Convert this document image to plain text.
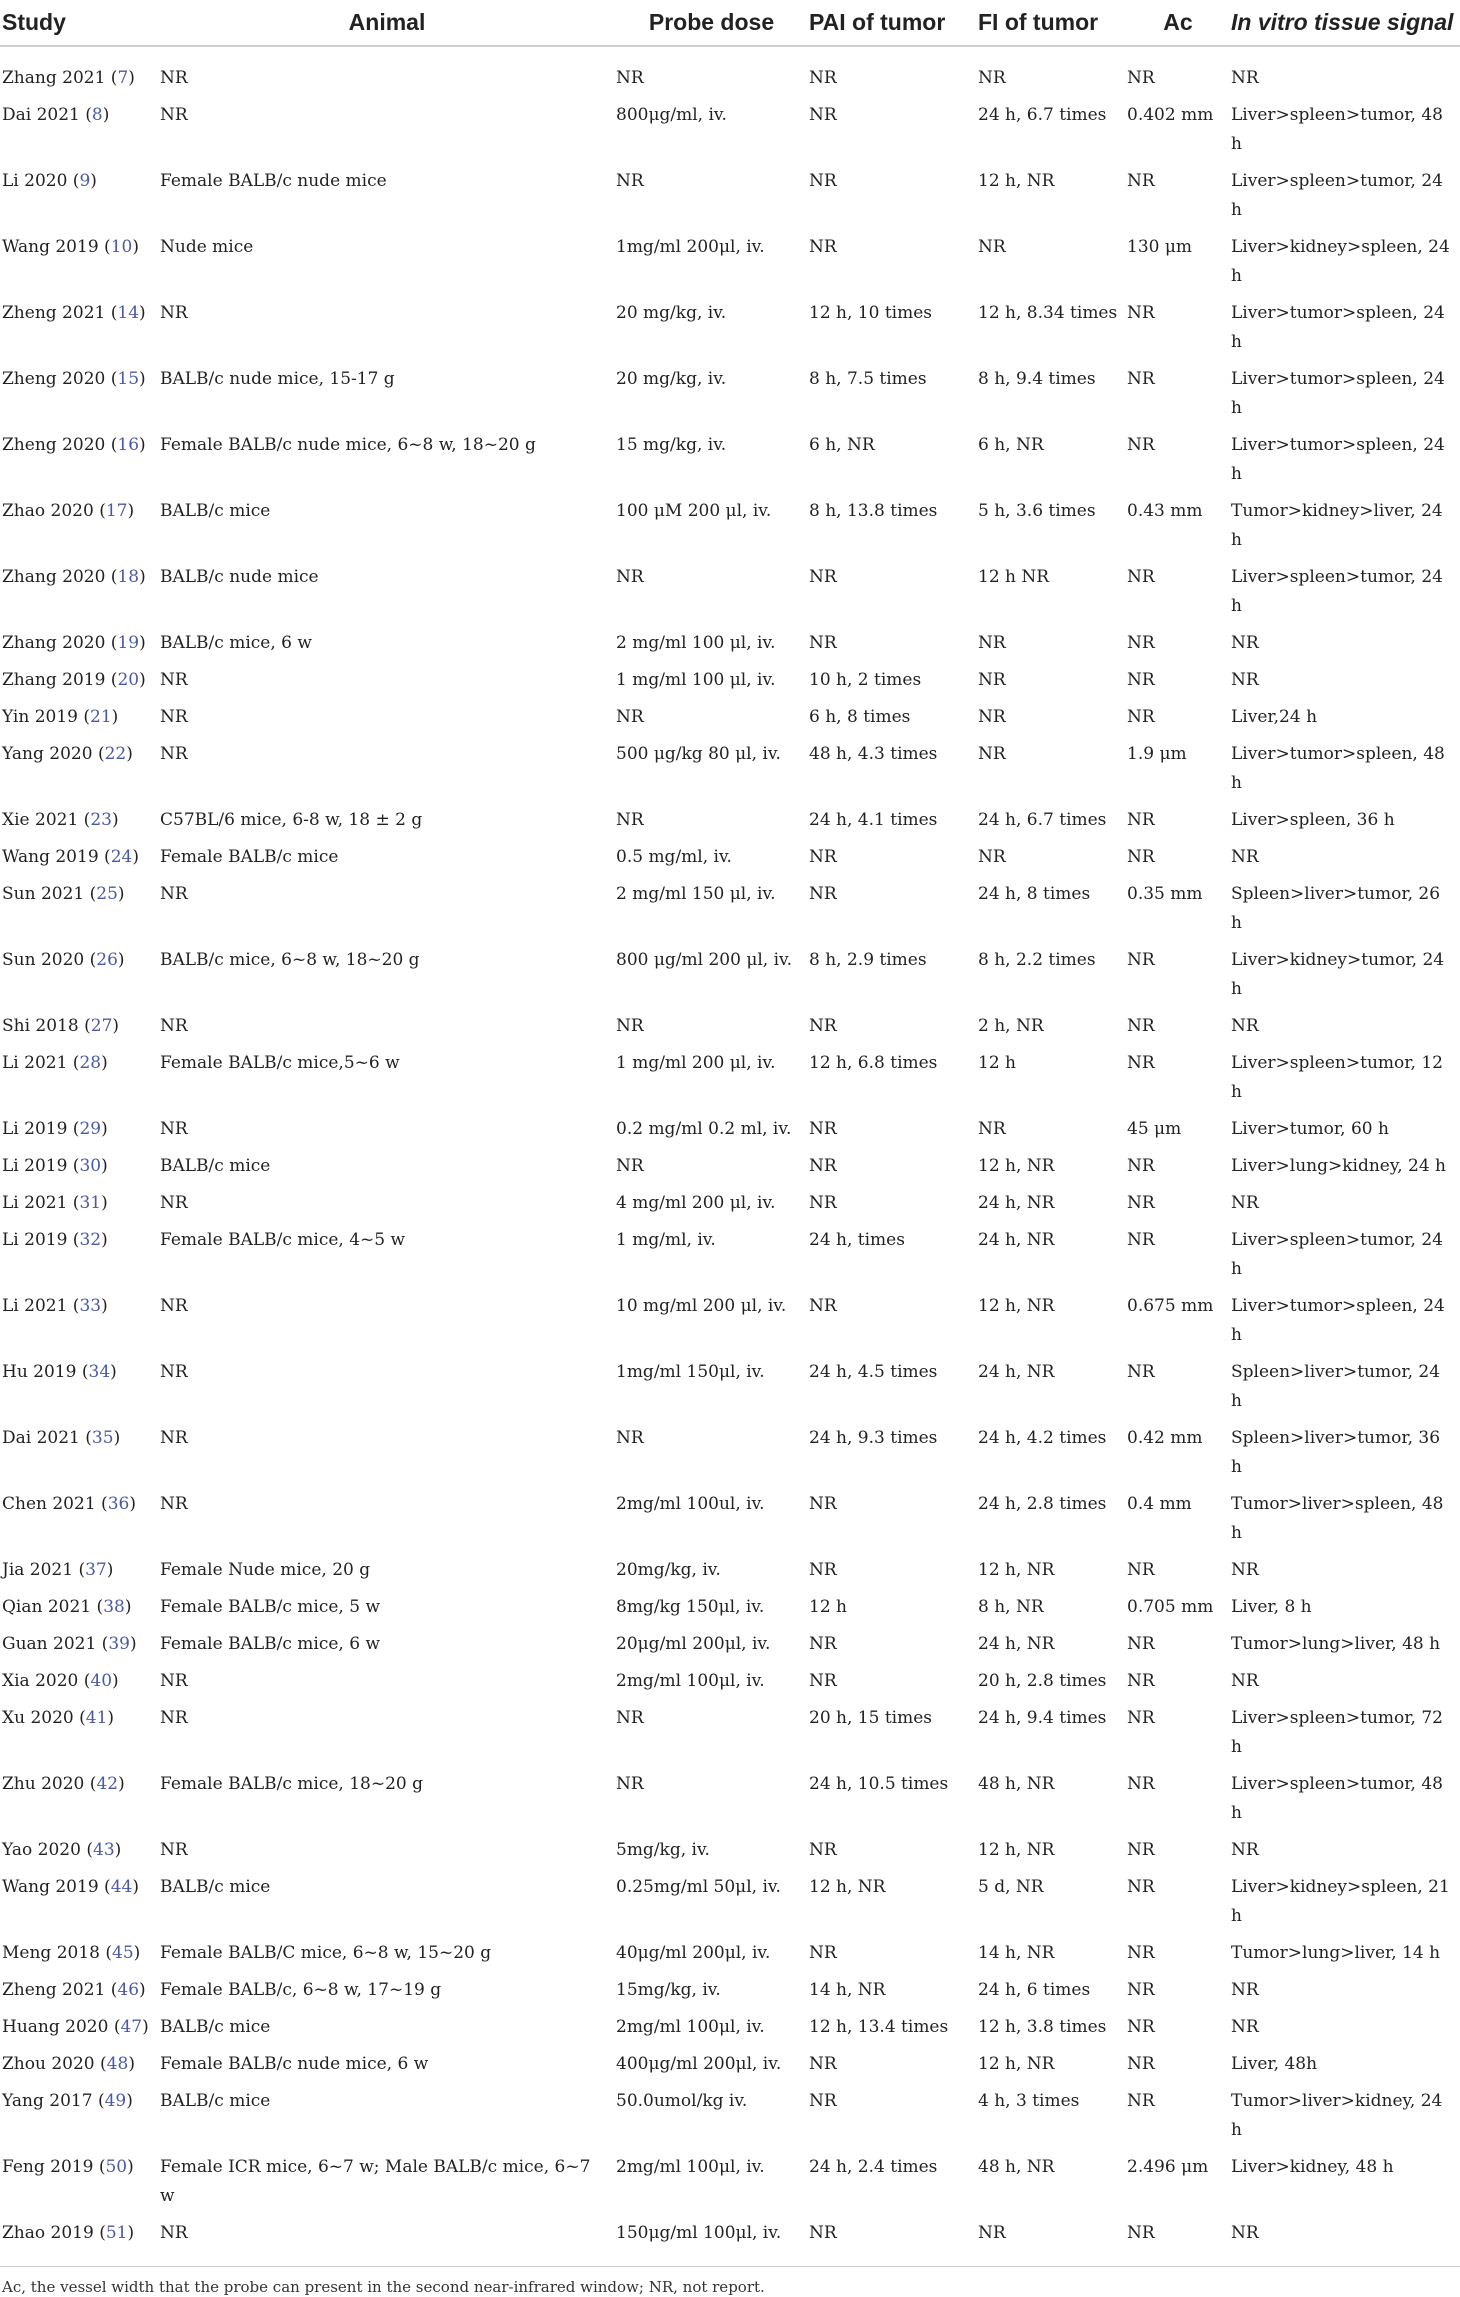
Study	Animal	Probe dose	PAI of tumor	FI of tumor	Ac	In vitro tissue signal
Zhang 2021 (7)	NR	NR	NR	NR	NR	NR
Dai 2021 (8)	NR	800μg/ml, iv.	NR	24 h, 6.7 times	0.402 mm	Liver>spleen>tumor, 48 h
Li 2020 (9)	Female BALB/c nude mice	NR	NR	12 h, NR	NR	Liver>spleen>tumor, 24 h
Wang 2019 (10)	Nude mice	1mg/ml 200μl, iv.	NR	NR	130 μm	Liver>kidney>spleen, 24 h
Zheng 2021 (14)	NR	20 mg/kg, iv.	12 h, 10 times	12 h, 8.34 times	NR	Liver>tumor>spleen, 24 h
Zheng 2020 (15)	BALB/c nude mice, 15-17 g	20 mg/kg, iv.	8 h, 7.5 times	8 h, 9.4 times	NR	Liver>tumor>spleen, 24 h
Zheng 2020 (16)	Female BALB/c nude mice, 6~8 w, 18~20 g	15 mg/kg, iv.	6 h, NR	6 h, NR	NR	Liver>tumor>spleen, 24 h
Zhao 2020 (17)	BALB/c mice	100 μM 200 μl, iv.	8 h, 13.8 times	5 h, 3.6 times	0.43 mm	Tumor>kidney>liver, 24 h
Zhang 2020 (18)	BALB/c nude mice	NR	NR	12 h NR	NR	Liver>spleen>tumor, 24 h
Zhang 2020 (19)	BALB/c mice, 6 w	2 mg/ml 100 μl, iv.	NR	NR	NR	NR
Zhang 2019 (20)	NR	1 mg/ml 100 μl, iv.	10 h, 2 times	NR	NR	NR
Yin 2019 (21)	NR	NR	6 h, 8 times	NR	NR	Liver,24 h
Yang 2020 (22)	NR	500 μg/kg 80 μl, iv.	48 h, 4.3 times	NR	1.9 μm	Liver>tumor>spleen, 48 h
Xie 2021 (23)	C57BL/6 mice, 6-8 w, 18 ± 2 g	NR	24 h, 4.1 times	24 h, 6.7 times	NR	Liver>spleen, 36 h
Wang 2019 (24)	Female BALB/c mice	0.5 mg/ml, iv.	NR	NR	NR	NR
Sun 2021 (25)	NR	2 mg/ml 150 μl, iv.	NR	24 h, 8 times	0.35 mm	Spleen>liver>tumor, 26 h
Sun 2020 (26)	BALB/c mice, 6~8 w, 18~20 g	800 μg/ml 200 μl, iv.	8 h, 2.9 times	8 h, 2.2 times	NR	Liver>kidney>tumor, 24 h
Shi 2018 (27)	NR	NR	NR	2 h, NR	NR	NR
Li 2021 (28)	Female BALB/c mice,5~6 w	1 mg/ml 200 μl, iv.	12 h, 6.8 times	12 h	NR	Liver>spleen>tumor, 12 h
Li 2019 (29)	NR	0.2 mg/ml 0.2 ml, iv.	NR	NR	45 μm	Liver>tumor, 60 h
Li 2019 (30)	BALB/c mice	NR	NR	12 h, NR	NR	Liver>lung>kidney, 24 h
Li 2021 (31)	NR	4 mg/ml 200 μl, iv.	NR	24 h, NR	NR	NR
Li 2019 (32)	Female BALB/c mice, 4~5 w	1 mg/ml, iv.	24 h, times	24 h, NR	NR	Liver>spleen>tumor, 24 h
Li 2021 (33)	NR	10 mg/ml 200 μl, iv.	NR	12 h, NR	0.675 mm	Liver>tumor>spleen, 24 h
Hu 2019 (34)	NR	1mg/ml 150μl, iv.	24 h, 4.5 times	24 h, NR	NR	Spleen>liver>tumor, 24 h
Dai 2021 (35)	NR	NR	24 h, 9.3 times	24 h, 4.2 times	0.42 mm	Spleen>liver>tumor, 36 h
Chen 2021 (36)	NR	2mg/ml 100ul, iv.	NR	24 h, 2.8 times	0.4 mm	Tumor>liver>spleen, 48 h
Jia 2021 (37)	Female Nude mice, 20 g	20mg/kg, iv.	NR	12 h, NR	NR	NR
Qian 2021 (38)	Female BALB/c mice, 5 w	8mg/kg 150μl, iv.	12 h	8 h, NR	0.705 mm	Liver, 8 h
Guan 2021 (39)	Female BALB/c mice, 6 w	20μg/ml 200μl, iv.	NR	24 h, NR	NR	Tumor>lung>liver, 48 h
Xia 2020 (40)	NR	2mg/ml 100μl, iv.	NR	20 h, 2.8 times	NR	NR
Xu 2020 (41)	NR	NR	20 h, 15 times	24 h, 9.4 times	NR	Liver>spleen>tumor, 72 h
Zhu 2020 (42)	Female BALB/c mice, 18~20 g	NR	24 h, 10.5 times	48 h, NR	NR	Liver>spleen>tumor, 48 h
Yao 2020 (43)	NR	5mg/kg, iv.	NR	12 h, NR	NR	NR
Wang 2019 (44)	BALB/c mice	0.25mg/ml 50μl, iv.	12 h, NR	5 d, NR	NR	Liver>kidney>spleen, 21 h
Meng 2018 (45)	Female BALB/C mice, 6~8 w, 15~20 g	40μg/ml 200μl, iv.	NR	14 h, NR	NR	Tumor>lung>liver, 14 h
Zheng 2021 (46)	Female BALB/c, 6~8 w, 17~19 g	15mg/kg, iv.	14 h, NR	24 h, 6 times	NR	NR
Huang 2020 (47)	BALB/c mice	2mg/ml 100μl, iv.	12 h, 13.4 times	12 h, 3.8 times	NR	NR
Zhou 2020 (48)	Female BALB/c nude mice, 6 w	400μg/ml 200μl, iv.	NR	12 h, NR	NR	Liver, 48h
Yang 2017 (49)	BALB/c mice	50.0umol/kg iv.	NR	4 h, 3 times	NR	Tumor>liver>kidney, 24 h
Feng 2019 (50)	Female ICR mice, 6~7 w; Male BALB/c mice, 6~7 w	2mg/ml 100μl, iv.	24 h, 2.4 times	48 h, NR	2.496 μm	Liver>kidney, 48 h
Zhao 2019 (51)	NR	150μg/ml 100μl, iv.	NR	NR	NR	NR
Ac, the vessel width that the probe can present in the second near-infrared window; NR, not report.
